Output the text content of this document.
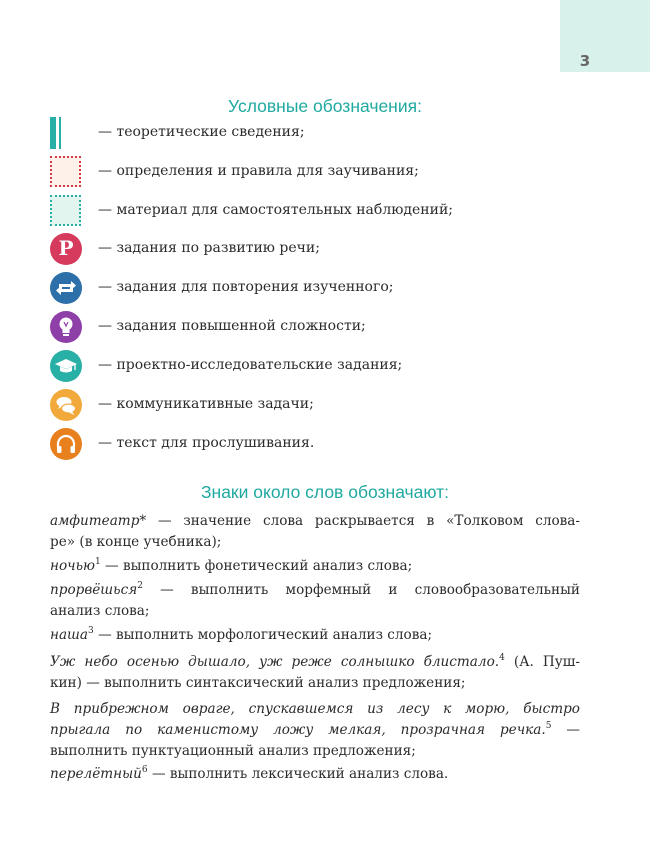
3
Условные обозначения:
— теоретические сведения;
— определения и правила для заучивания;
— материал для самостоятельных наблюдений;
Р	— задания по развитию речи;
— задания для повторения изученного;
— задания повышенной сложности;
— проектно-исследовательские задания;
— коммуникативные задачи;
— текст для прослушивания.
Знаки около слов обозначают:
амфитеатр* — значение слова раскрывается в «Толковом слова-
ре» (в конце учебника);
ночью$^1$ — выполнить фонетический анализ слова;
прорвёшься$^2$ — выполнить морфемный и словообразовательный
анализ слова;
наша$^3$ — выполнить морфологический анализ слова;
Уж небо осенью дышало, уж реже солнышко блистало.$^4$ (А. Пуш-
кин) — выполнить синтаксический анализ предложения;
В прибрежном овраге, спускавшемся из лесу к морю, быстро
прыгала по каменистому ложу мелкая, прозрачная речка.$^5$ —
выполнить пунктуационный анализ предложения;
перелётный$^6$ — выполнить лексический анализ слова.
